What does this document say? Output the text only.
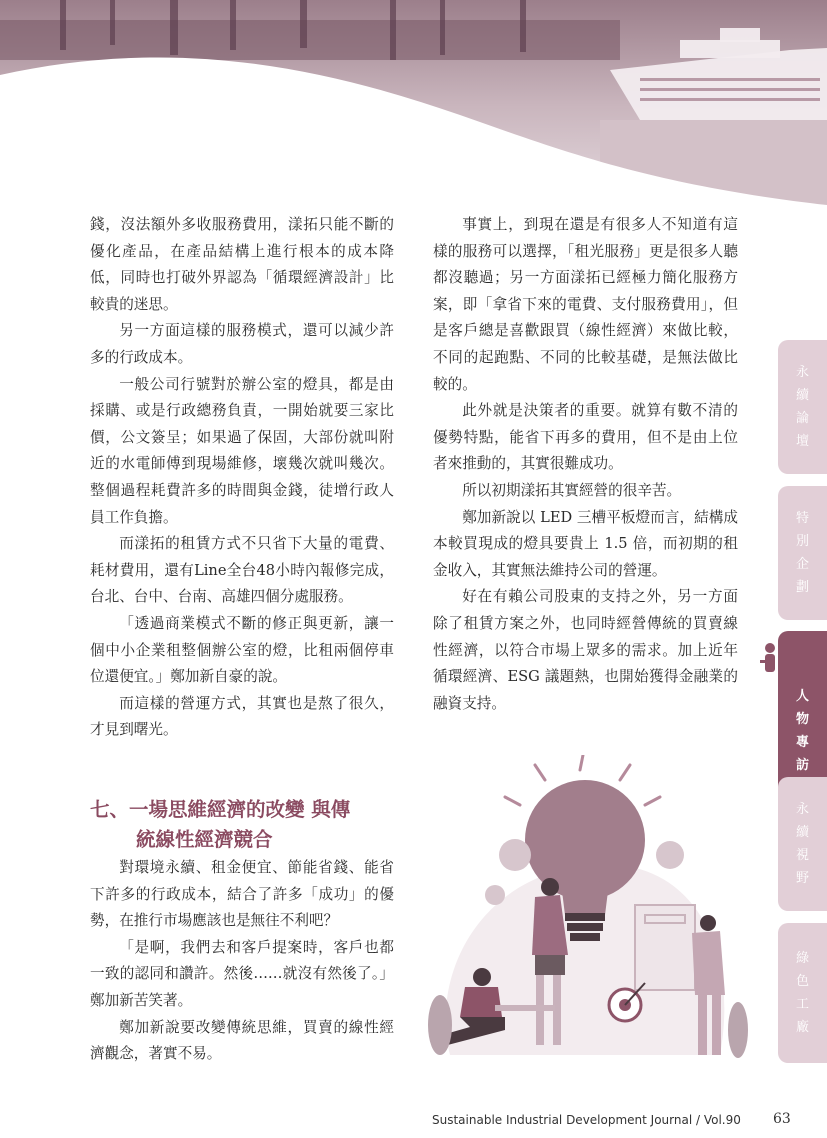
錢，沒法額外多收服務費用，漾拓只能不斷的優化產品，在產品結構上進行根本的成本降低，同時也打破外界認為「循環經濟設計」比較貴的迷思。

另一方面這樣的服務模式，還可以減少許多的行政成本。

一般公司行號對於辦公室的燈具，都是由採購、或是行政總務負責，一開始就要三家比價，公文簽呈；如果過了保固，大部份就叫附近的水電師傅到現場維修，壞幾次就叫幾次。整個過程耗費許多的時間與金錢，徒增行政人員工作負擔。

而漾拓的租賃方式不只省下大量的電費、耗材費用，還有Line全台48小時內報修完成，台北、台中、台南、高雄四個分處服務。

「透過商業模式不斷的修正與更新，讓一個中小企業租整個辦公室的燈，比租兩個停車位還便宜。」鄭加新自豪的說。

而這樣的營運方式，其實也是熬了很久，才見到曙光。

七、一場思維經濟的改變 與傳
統線性經濟競合

對環境永續、租金便宜、節能省錢、能省下許多的行政成本，結合了許多「成功」的優勢，在推行市場應該也是無往不利吧？

「是啊，我們去和客戶提案時，客戶也都一致的認同和讚許。然後……就沒有然後了。」鄭加新苦笑著。

鄭加新說要改變傳統思維，買賣的線性經濟觀念，著實不易。

事實上，到現在還是有很多人不知道有這樣的服務可以選擇，「租光服務」更是很多人聽都沒聽過；另一方面漾拓已經極力簡化服務方案，即「拿省下來的電費、支付服務費用」，但是客戶總是喜歡跟買（線性經濟）來做比較，不同的起跑點、不同的比較基礎，是無法做比較的。

此外就是決策者的重要。就算有數不清的優勢特點，能省下再多的費用，但不是由上位者來推動的，其實很難成功。

所以初期漾拓其實經營的很辛苦。

鄭加新說以 LED 三槽平板燈而言，結構成本較買現成的燈具要貴上 1.5 倍，而初期的租金收入，其實無法維持公司的營運。

好在有賴公司股東的支持之外，另一方面除了租賃方案之外，也同時經營傳統的買賣線性經濟，以符合市場上眾多的需求。加上近年循環經濟、ESG 議題熱，也開始獲得金融業的融資支持。

永
續
論
壇
特
別
企
劃
人
物
專
訪
永
續
視
野
綠
色
工
廠
Sustainable Industrial Development Journal / Vol.90 63
